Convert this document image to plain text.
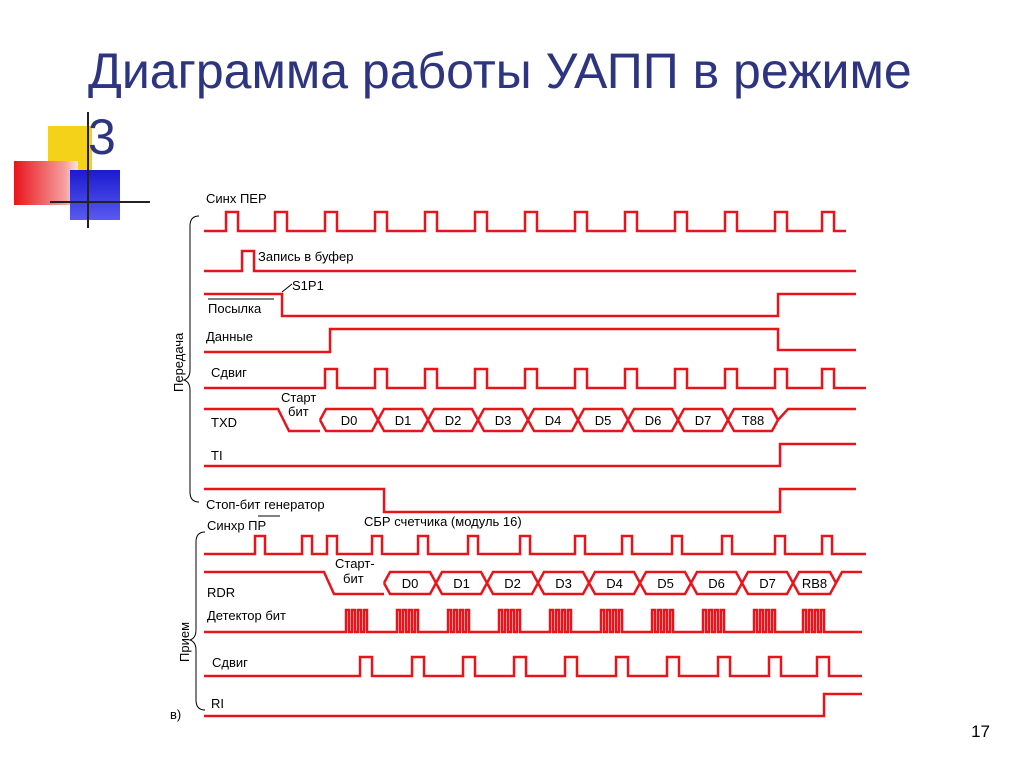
Диаграмма работы УАПП в режиме 3
Передача
Прием
в)
Синх ПЕР
Запись в буфер
S1P1
Посылка
Данные
Сдвиг
Старт
бит
TXD
TI
Стоп-бит генератор
Синхр ПР	СБР счетчика (модуль 16)
Старт-
бит
RDR
Детектор бит
Сдвиг
RI
D0	D1	D2	D3	D4	D5	D6	D7 T88
D0	D1	D2	D3	D4	D5	D6	D7 RB8
17
